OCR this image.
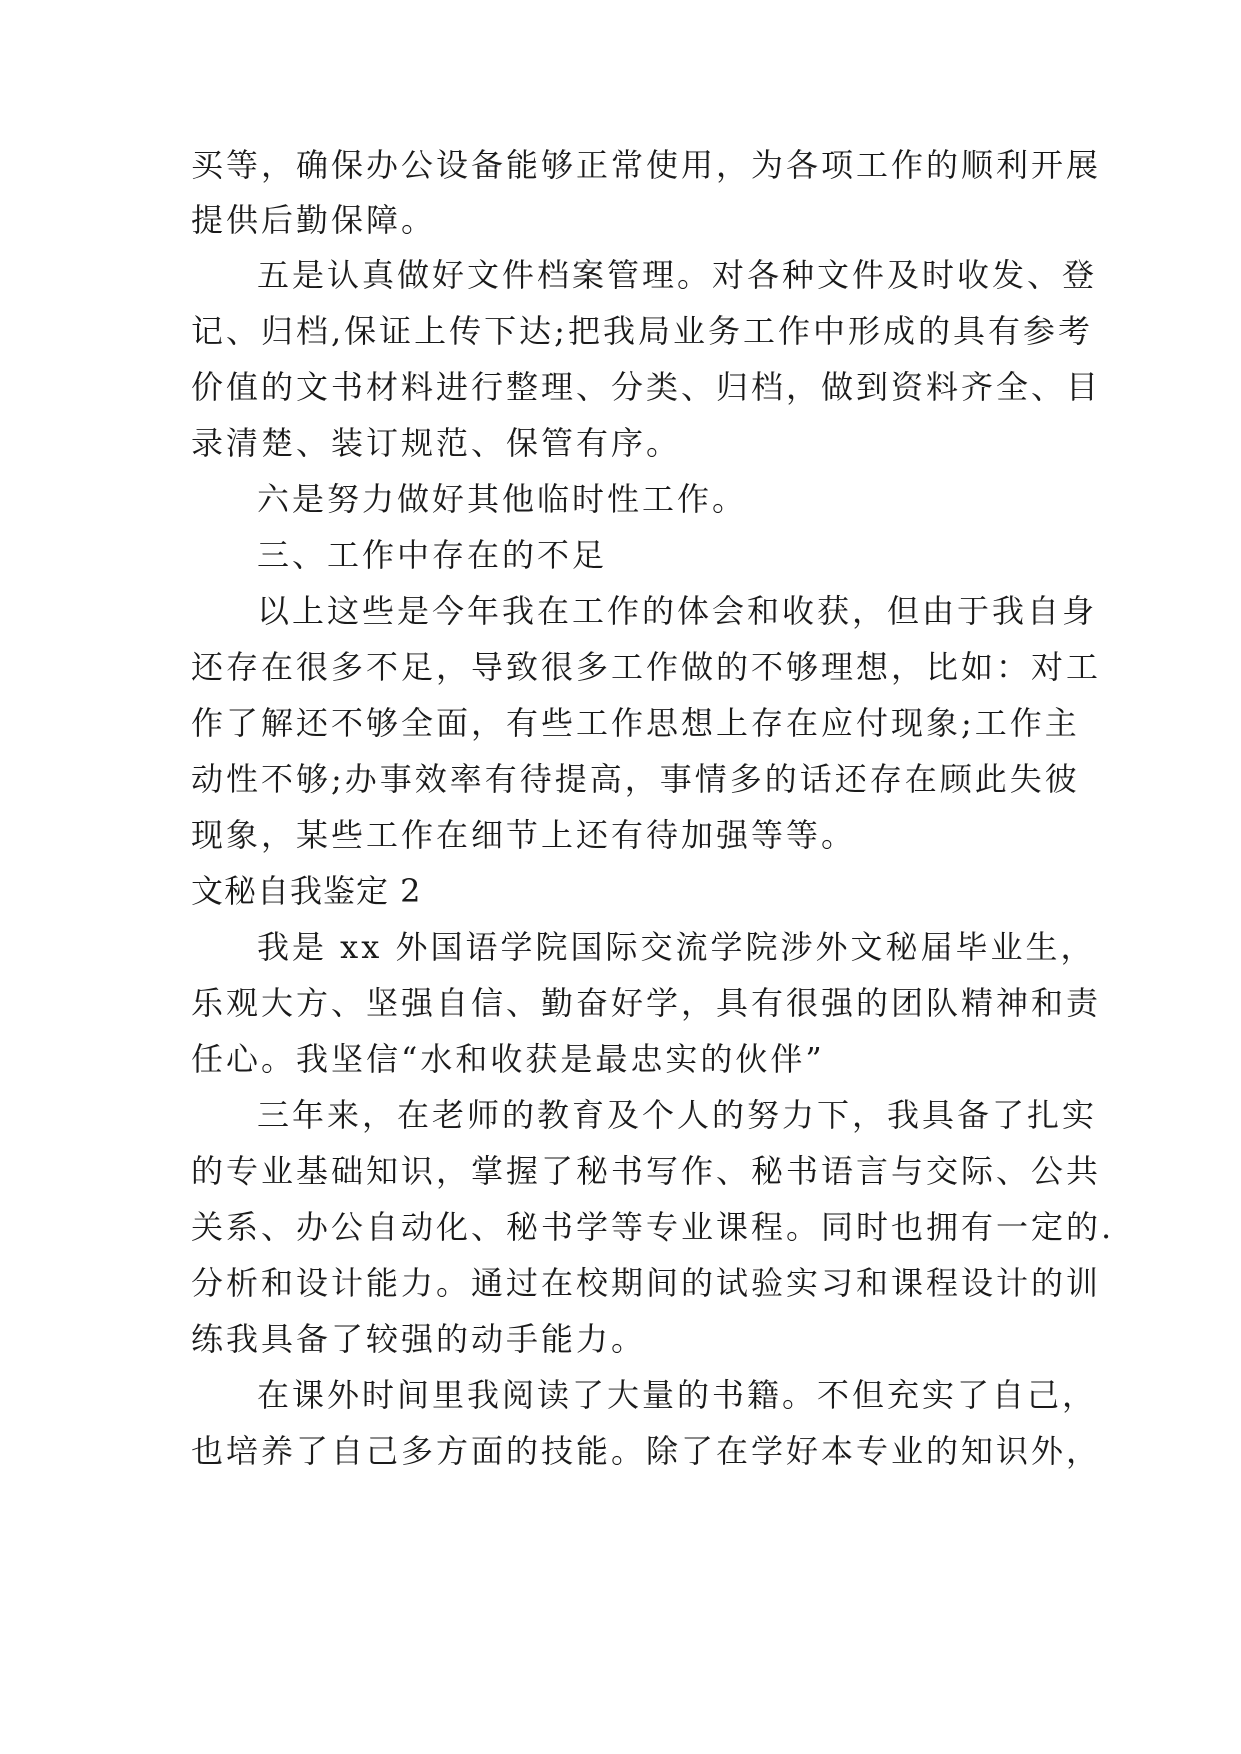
买等，确保办公设备能够正常使用，为各项工作的顺利开展
提供后勤保障。
五是认真做好文件档案管理。对各种文件及时收发、登
记、归档,保证上传下达;把我局业务工作中形成的具有参考
价值的文书材料进行整理、分类、归档，做到资料齐全、目
录清楚、装订规范、保管有序。
六是努力做好其他临时性工作。
三、工作中存在的不足
以上这些是今年我在工作的体会和收获，但由于我自身
还存在很多不足，导致很多工作做的不够理想，比如：对工
作了解还不够全面，有些工作思想上存在应付现象;工作主
动性不够;办事效率有待提高，事情多的话还存在顾此失彼
现象，某些工作在细节上还有待加强等等。
文秘自我鉴定 2
我是 xx 外国语学院国际交流学院涉外文秘届毕业生，
乐观大方、坚强自信、勤奋好学，具有很强的团队精神和责
任心。我坚信“水和收获是最忠实的伙伴”
三年来，在老师的教育及个人的努力下，我具备了扎实
的专业基础知识，掌握了秘书写作、秘书语言与交际、公共
关系、办公自动化、秘书学等专业课程。同时也拥有一定的.
分析和设计能力。通过在校期间的试验实习和课程设计的训
练我具备了较强的动手能力。
在课外时间里我阅读了大量的书籍。不但充实了自己，
也培养了自己多方面的技能。除了在学好本专业的知识外，
